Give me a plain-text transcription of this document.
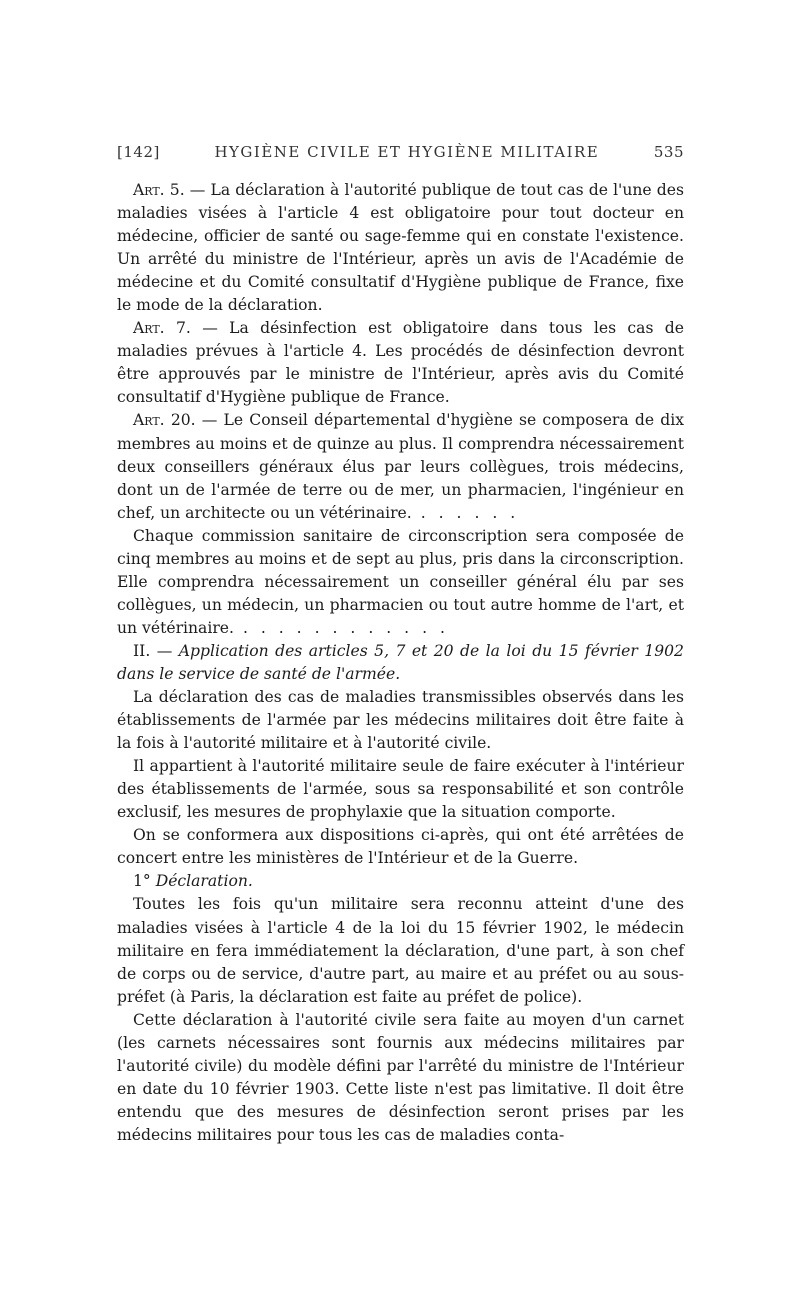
[142]	HYGIÈNE CIVILE ET HYGIÈNE MILITAIRE	535

Art. 5. — La déclaration à l'autorité publique de tout cas de l'une des maladies visées à l'article 4 est obligatoire pour tout docteur en médecine, officier de santé ou sage-femme qui en constate l'existence. Un arrêté du ministre de l'Intérieur, après un avis de l'Académie de médecine et du Comité consultatif d'Hygiène publique de France, fixe le mode de la déclaration.

Art. 7. — La désinfection est obligatoire dans tous les cas de maladies prévues à l'article 4. Les procédés de désinfection devront être approuvés par le ministre de l'Intérieur, après avis du Comité consultatif d'Hygiène publique de France.

Art. 20. — Le Conseil départemental d'hygiène se composera de dix membres au moins et de quinze au plus. Il comprendra nécessairement deux conseillers généraux élus par leurs collègues, trois médecins, dont un de l'armée de terre ou de mer, un pharmacien, l'ingénieur en chef, un architecte ou un vétérinaire. . . . . . .

Chaque commission sanitaire de circonscription sera composée de cinq membres au moins et de sept au plus, pris dans la circonscription. Elle comprendra nécessairement un conseiller général élu par ses collègues, un médecin, un pharmacien ou tout autre homme de l'art, et un vétérinaire. . . . . . . . . . . . .

II. — Application des articles 5, 7 et 20 de la loi du 15 février 1902 dans le service de santé de l'armée.

La déclaration des cas de maladies transmissibles observés dans les établissements de l'armée par les médecins militaires doit être faite à la fois à l'autorité militaire et à l'autorité civile.

Il appartient à l'autorité militaire seule de faire exécuter à l'intérieur des établissements de l'armée, sous sa responsabilité et son contrôle exclusif, les mesures de prophylaxie que la situation comporte.

On se conformera aux dispositions ci-après, qui ont été arrêtées de concert entre les ministères de l'Intérieur et de la Guerre.

1° Déclaration.

Toutes les fois qu'un militaire sera reconnu atteint d'une des maladies visées à l'article 4 de la loi du 15 février 1902, le médecin militaire en fera immédiatement la déclaration, d'une part, à son chef de corps ou de service, d'autre part, au maire et au préfet ou au sous-préfet (à Paris, la déclaration est faite au préfet de police).

Cette déclaration à l'autorité civile sera faite au moyen d'un carnet (les carnets nécessaires sont fournis aux médecins militaires par l'autorité civile) du modèle défini par l'arrêté du ministre de l'Intérieur en date du 10 février 1903. Cette liste n'est pas limitative. Il doit être entendu que des mesures de désinfection seront prises par les médecins militaires pour tous les cas de maladies conta-
